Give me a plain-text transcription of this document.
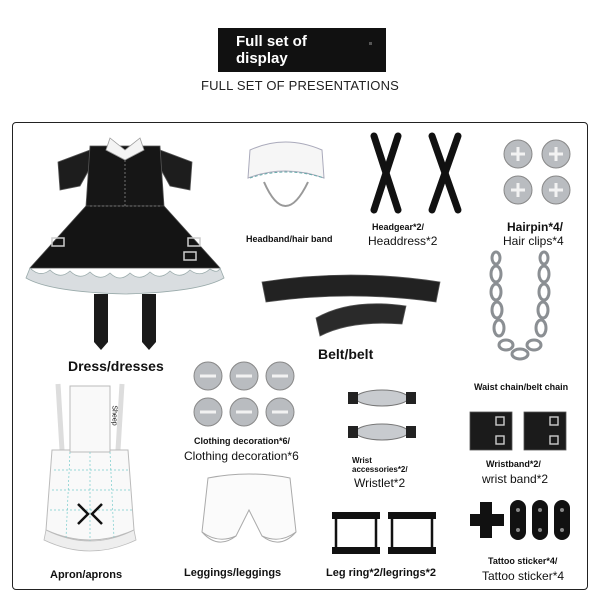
Full set of
display
FULL SET OF PRESENTATIONS
Dress/dresses
Headband/hair band
Headgear*2/
Headdress*2
Hairpin*4/
Hair clips*4
Belt/belt
Waist chain/belt chain
Sheep
Apron/aprons
Clothing decoration*6/
Clothing decoration*6	Wrist
accessories*2/
Wristlet*2
Wristband*2/
wrist band*2
Leggings/leggings	Leg ring*2/legrings*2
Tattoo sticker*4/
Tattoo sticker*4
